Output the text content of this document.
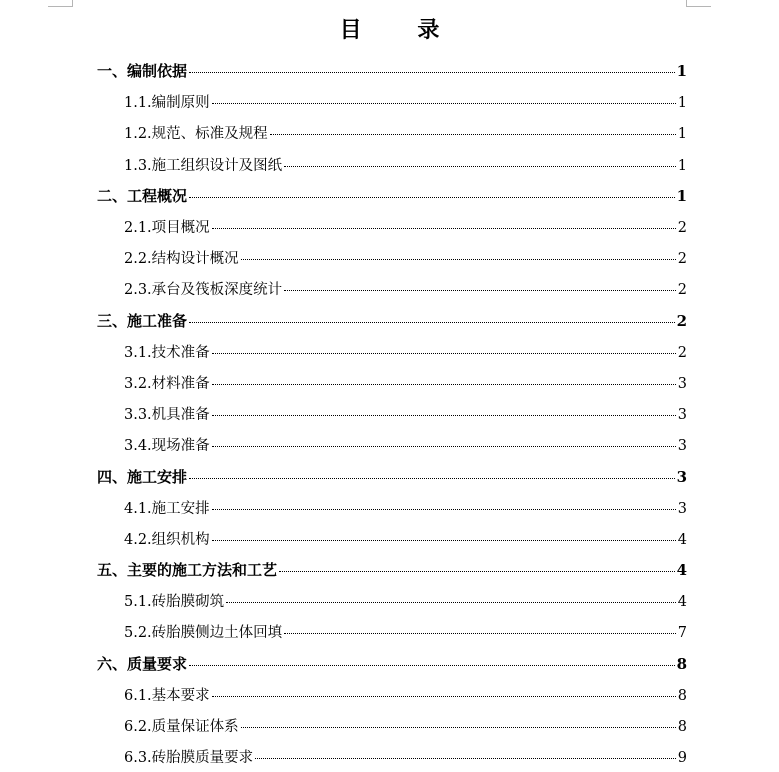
目 录
一、编制依据	1
1.1.编制原则	1
1.2.规范、标准及规程	1
1.3.施工组织设计及图纸	1
二、工程概况	1
2.1.项目概况	2
2.2.结构设计概况	2
2.3.承台及筏板深度统计	2
三、施工准备	2
3.1.技术准备	2
3.2.材料准备	3
3.3.机具准备	3
3.4.现场准备	3
四、施工安排	3
4.1.施工安排	3
4.2.组织机构	4
五、主要的施工方法和工艺	4
5.1.砖胎膜砌筑	4
5.2.砖胎膜侧边土体回填	7
六、质量要求	8
6.1.基本要求	8
6.2.质量保证体系	8
6.3.砖胎膜质量要求	9
